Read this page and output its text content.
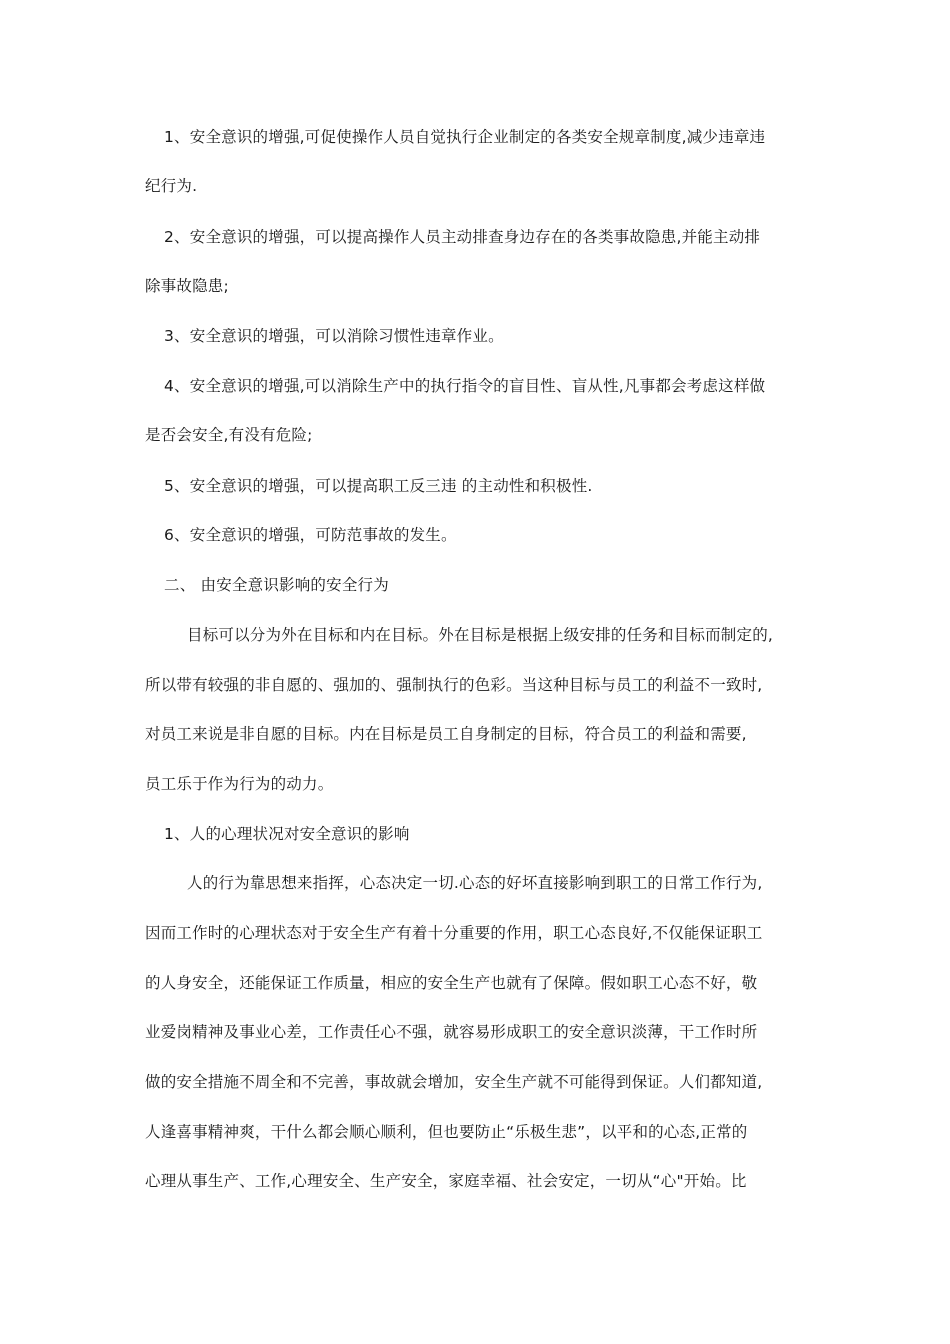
1、安全意识的增强,可促使操作人员自觉执行企业制定的各类安全规章制度,减少违章违
纪行为.
2、安全意识的增强，可以提高操作人员主动排查身边存在的各类事故隐患,并能主动排
除事故隐患;
3、安全意识的增强，可以消除习惯性违章作业。
4、安全意识的增强,可以消除生产中的执行指令的盲目性、盲从性,凡事都会考虑这样做
是否会安全,有没有危险;
5、安全意识的增强，可以提高职工反三违 的主动性和积极性.
6、安全意识的增强，可防范事故的发生。
二、 由安全意识影响的安全行为
目标可以分为外在目标和内在目标。外在目标是根据上级安排的任务和目标而制定的,
所以带有较强的非自愿的、强加的、强制执行的色彩。当这种目标与员工的利益不一致时,
对员工来说是非自愿的目标。内在目标是员工自身制定的目标，符合员工的利益和需要,
员工乐于作为行为的动力。
1、人的心理状况对安全意识的影响
人的行为靠思想来指挥，心态决定一切.心态的好坏直接影响到职工的日常工作行为,
因而工作时的心理状态对于安全生产有着十分重要的作用，职工心态良好,不仅能保证职工
的人身安全，还能保证工作质量，相应的安全生产也就有了保障。假如职工心态不好，敬
业爱岗精神及事业心差，工作责任心不强，就容易形成职工的安全意识淡薄，干工作时所
做的安全措施不周全和不完善，事故就会增加，安全生产就不可能得到保证。人们都知道,
人逢喜事精神爽，干什么都会顺心顺利，但也要防止“乐极生悲”，以平和的心态,正常的
心理从事生产、工作,心理安全、生产安全，家庭幸福、社会安定，一切从“心"开始。比
